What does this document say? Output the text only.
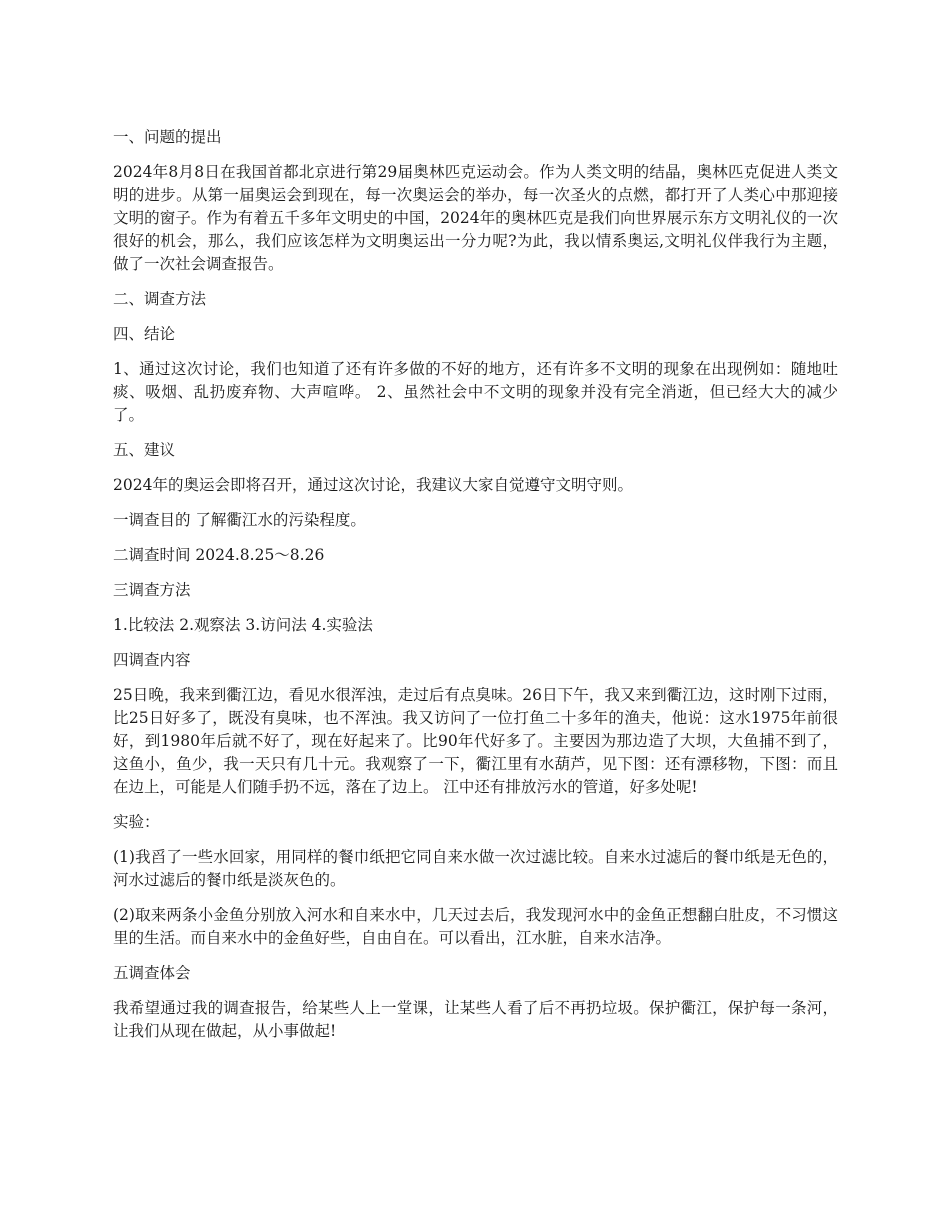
一、问题的提出

2024年8月8日在我国首都北京进行第29届奥林匹克运动会。作为人类文明的结晶，奥林匹克促进人类文明的进步。从第一届奥运会到现在，每一次奥运会的举办，每一次圣火的点燃，都打开了人类心中那迎接文明的窗子。作为有着五千多年文明史的中国，2024年的奥林匹克是我们向世界展示东方文明礼仪的一次很好的机会，那么，我们应该怎样为文明奥运出一分力呢?为此，我以情系奥运,文明礼仪伴我行为主题，做了一次社会调查报告。

二、调查方法

四、结论

1、通过这次讨论，我们也知道了还有许多做的不好的地方，还有许多不文明的现象在出现例如：随地吐痰、吸烟、乱扔废弃物、大声喧哗。 2、虽然社会中不文明的现象并没有完全消逝，但已经大大的减少了。

五、建议

2024年的奥运会即将召开，通过这次讨论，我建议大家自觉遵守文明守则。

一调查目的 了解衢江水的污染程度。

二调查时间 2024.8.25～8.26

三调查方法

1.比较法 2.观察法 3.访问法 4.实验法

四调查内容

25日晚，我来到衢江边，看见水很浑浊，走过后有点臭味。26日下午，我又来到衢江边，这时刚下过雨，比25日好多了，既没有臭味，也不浑浊。我又访问了一位打鱼二十多年的渔夫，他说：这水1975年前很好，到1980年后就不好了，现在好起来了。比90年代好多了。主要因为那边造了大坝，大鱼捕不到了，这鱼小，鱼少，我一天只有几十元。我观察了一下，衢江里有水葫芦，见下图：还有漂移物，下图：而且在边上，可能是人们随手扔不远，落在了边上。 江中还有排放污水的管道，好多处呢!

实验：

(1)我舀了一些水回家，用同样的餐巾纸把它同自来水做一次过滤比较。自来水过滤后的餐巾纸是无色的，河水过滤后的餐巾纸是淡灰色的。

(2)取来两条小金鱼分别放入河水和自来水中，几天过去后，我发现河水中的金鱼正想翻白肚皮，不习惯这里的生活。而自来水中的金鱼好些，自由自在。可以看出，江水脏，自来水洁净。

五调查体会

我希望通过我的调查报告，给某些人上一堂课，让某些人看了后不再扔垃圾。保护衢江，保护每一条河，让我们从现在做起，从小事做起!
